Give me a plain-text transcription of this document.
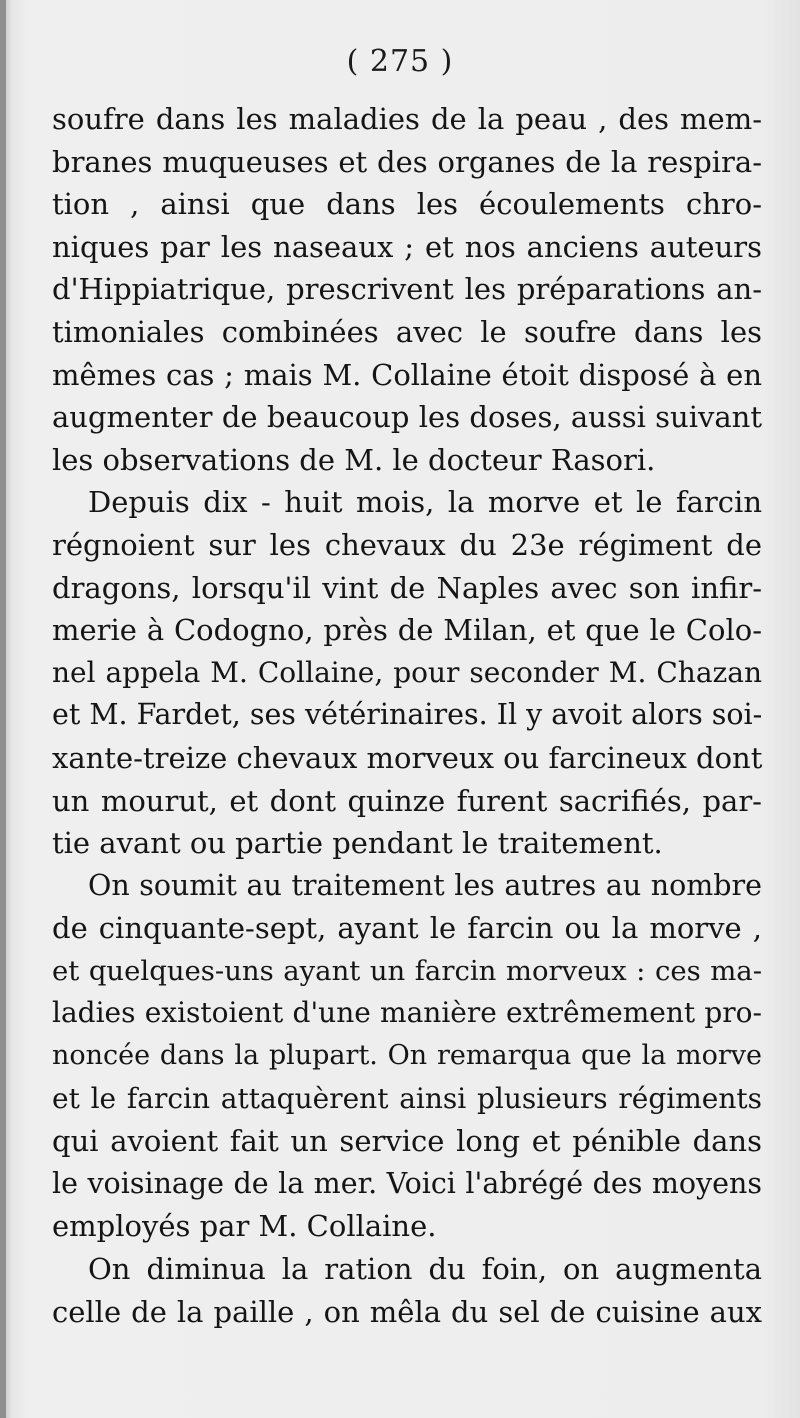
( 275 )
soufre dans les maladies de la peau , des mem-
branes muqueuses et des organes de la respira-
tion , ainsi que dans les écoulements chro-
niques par les naseaux ; et nos anciens auteurs
d'Hippiatrique, prescrivent les préparations an-
timoniales combinées avec le soufre dans les
mêmes cas ; mais M. Collaine étoit disposé à en
augmenter de beaucoup les doses, aussi suivant
les observations de M. le docteur Rasori.
Depuis dix - huit mois, la morve et le farcin
régnoient sur les chevaux du 23e régiment de
dragons, lorsqu'il vint de Naples avec son infir-
merie à Codogno, près de Milan, et que le Colo-
nel appela M. Collaine, pour seconder M. Chazan
et M. Fardet, ses vétérinaires. Il y avoit alors soi-
xante-treize chevaux morveux ou farcineux dont
un mourut, et dont quinze furent sacrifiés, par-
tie avant ou partie pendant le traitement.
On soumit au traitement les autres au nombre
de cinquante-sept, ayant le farcin ou la morve ,
et quelques-uns ayant un farcin morveux : ces ma-
ladies existoient d'une manière extrêmement pro-
noncée dans la plupart. On remarqua que la morve
et le farcin attaquèrent ainsi plusieurs régiments
qui avoient fait un service long et pénible dans
le voisinage de la mer. Voici l'abrégé des moyens
employés par M. Collaine.
On diminua la ration du foin, on augmenta
celle de la paille , on mêla du sel de cuisine aux
